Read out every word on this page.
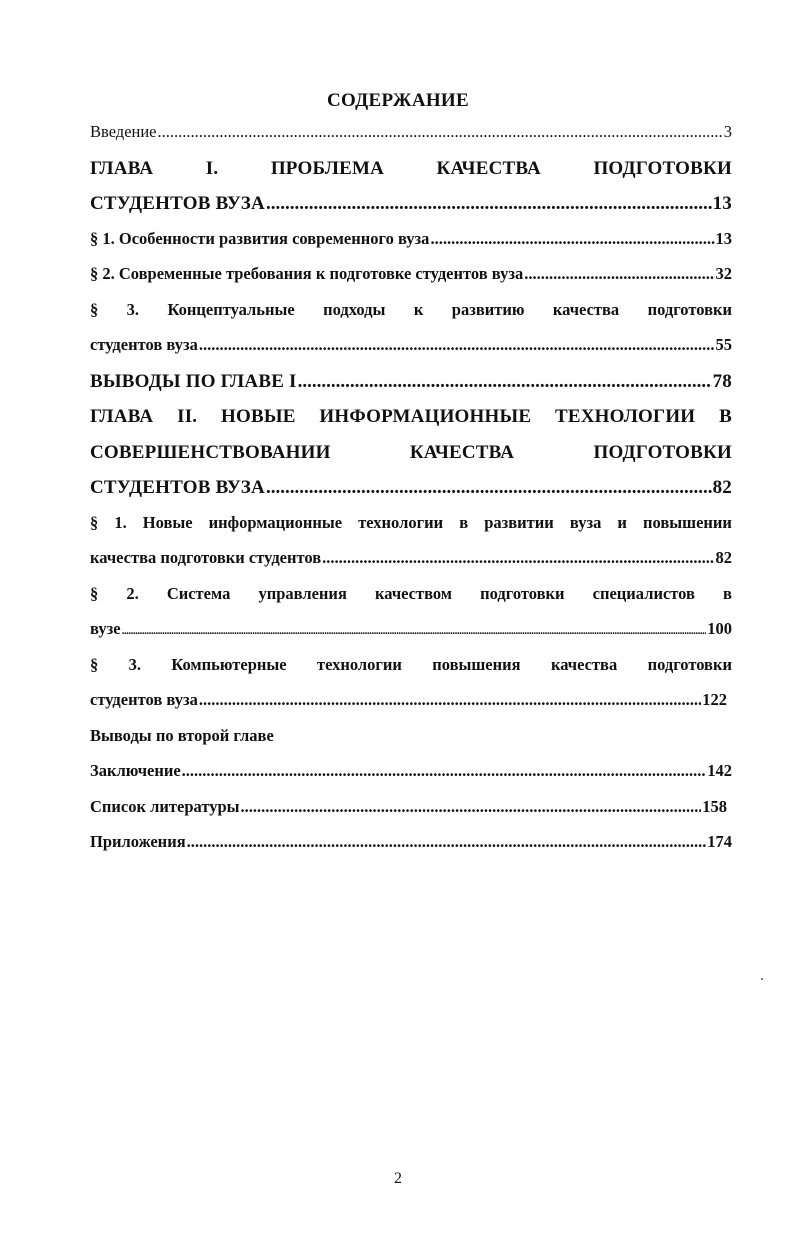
СОДЕРЖАНИЕ
Введение .....	3
ГЛАВА	I.	ПРОБЛЕМА	КАЧЕСТВА	ПОДГОТОВКИ
СТУДЕНТОВ ВУЗА .....	13
§ 1. Особенности развития современного вуза .....	13
§ 2. Современные требования к подготовке студентов вуза .....	32
§ 3. Концептуальные подходы к развитию качества подготовки
студентов вуза .....	55
ВЫВОДЫ ПО ГЛАВЕ I .....	78
ГЛАВА II. НОВЫЕ ИНФОРМАЦИОННЫЕ ТЕХНОЛОГИИ В
СОВЕРШЕНСТВОВАНИИ	КАЧЕСТВА	ПОДГОТОВКИ
СТУДЕНТОВ ВУЗА .....	82
§ 1. Новые информационные технологии в развитии вуза и повышении
качества подготовки студентов .....	82
§ 2. Система управления качеством подготовки специалистов в
вузе .....	100
§ 3. Компьютерные технологии повышения качества подготовки
студентов вуза .....	122
Выводы по второй главе
Заключение .....	142
Список литературы .....	158
Приложения .....	174
2
